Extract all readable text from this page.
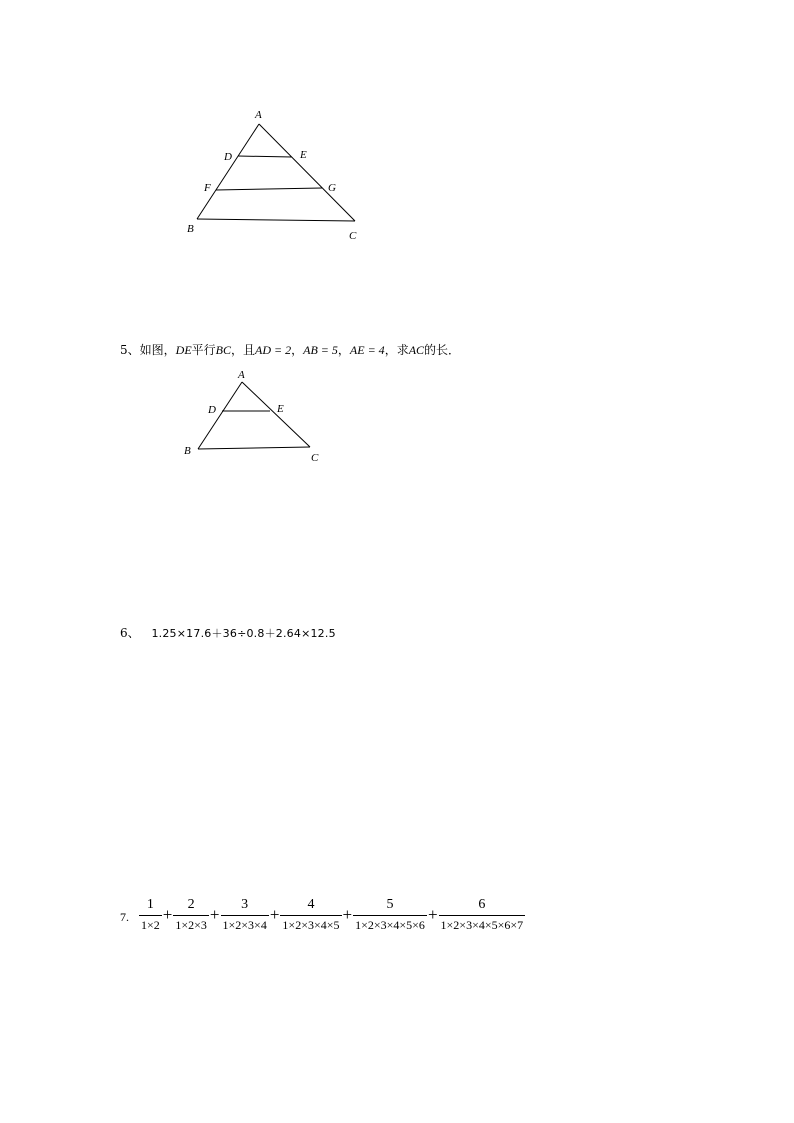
A
D	E
F	G
B
C
5、如图，DE平行BC，且AD = 2，AB = 5，AE = 4，求AC的长．
A
D	E
B
C
6、 1.25×17.6＋36÷0.8＋2.64×12.5
7. $\frac{1}{1\times 2} + \frac{2}{1\times 2\times 3} + \frac{3}{1\times 2\times 3\times 4} + \frac{4}{1\times 2\times 3\times 4\times 5} + \frac{5}{1\times 2\times 3\times 4\times 5\times 6} + \frac{6}{1\times 2\times 3\times 4\times 5\times 6\times 7}$
